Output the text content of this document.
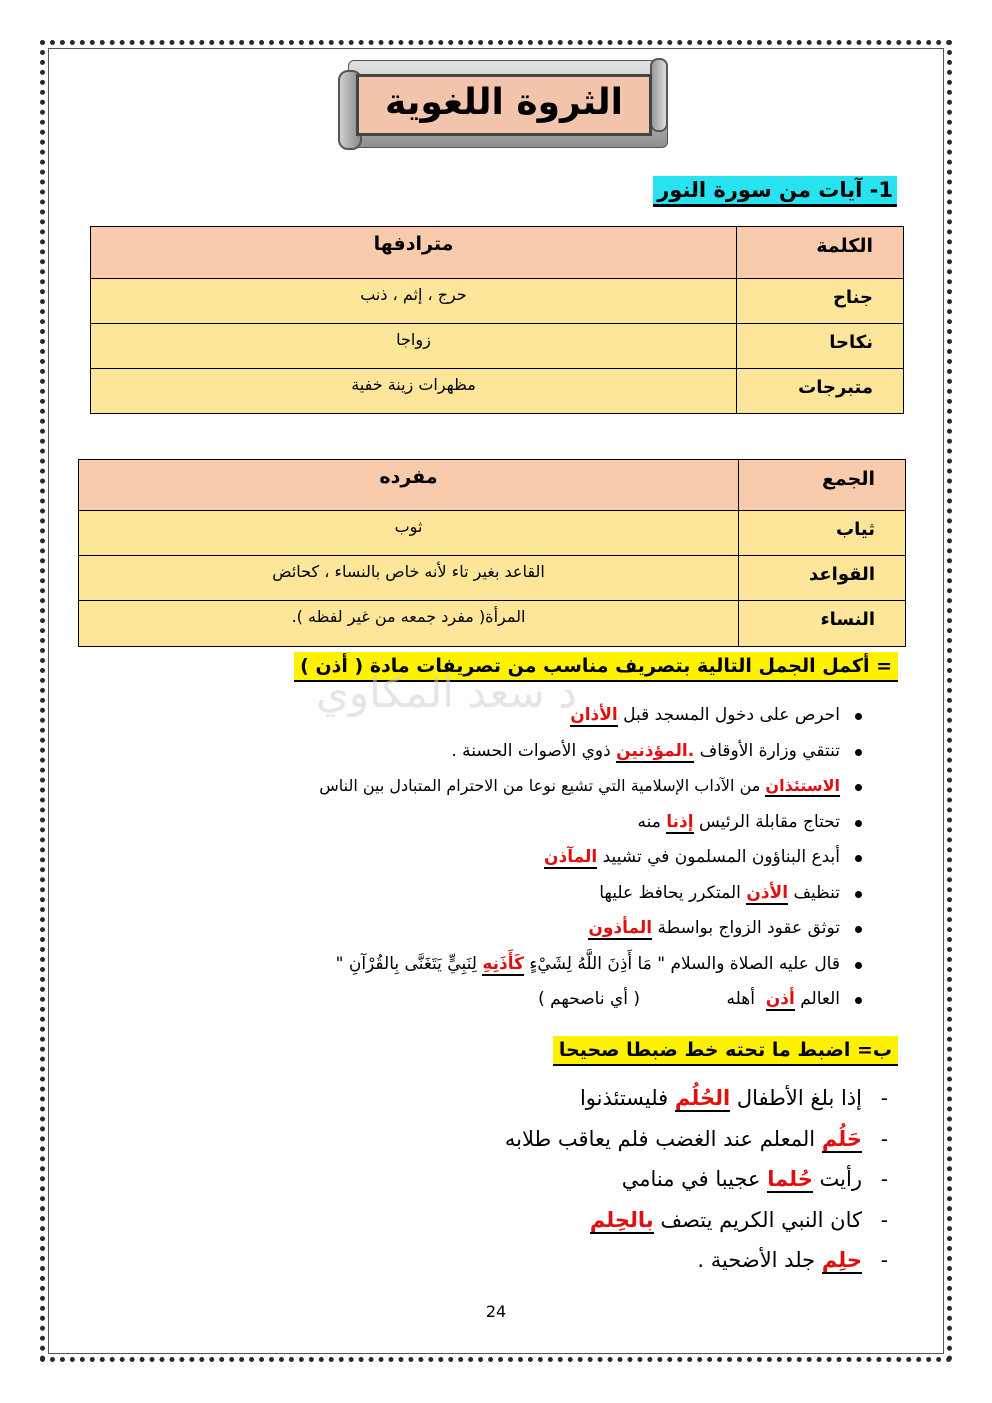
الثروة اللغوية
1- آيات من سورة النور
الكلمة	مترادفها
جناح	حرج ، إثم ، ذنب
نكاحا	زواجا
متبرجات	مظهرات زينة خفية
الجمع	مفرده
ثياب	ثوب
القواعد	القاعد بغير تاء لأنه خاص بالنساء ، كحائض
النساء	المرأة( مفرد جمعه من غير لفظه ).
= أكمل الجمل التالية بتصريف مناسب من تصريفات مادة ( أذن )
د سعد المكاوي	احرص على دخول المسجد قبل الأذان
تنتقي وزارة الأوقاف .المؤذنين ذوي الأصوات الحسنة .
الاستئذان من الآداب الإسلامية التي تشيع نوعا من الاحترام المتبادل بين الناس
تحتاج مقابلة الرئيس إذنا منه
أبدع البناؤون المسلمون في تشييد المآذن
تنظيف الأذن المتكرر يحافظ عليها
توثق عقود الزواج بواسطة المأذون
قال عليه الصلاة والسلام " مَا أَذِنَ اللَّهُ لِشَيْءٍ كَأَذَنِهِ لِنَبِيٍّ يَتَغَنَّى بِالقُرْآنِ "
العالم أذن  أهله                ( أي ناصحهم )
ب= اضبط ما تحته خط ضبطا صحيحا
- إذا بلغ الأطفال الحُلُم فليستئذنوا
- حَلُم المعلم عند الغضب فلم يعاقب طلابه
- رأيت حُلما عجيبا في منامي
- كان النبي الكريم يتصف بالحِلم
- حلِم جلد الأضحية .
24
